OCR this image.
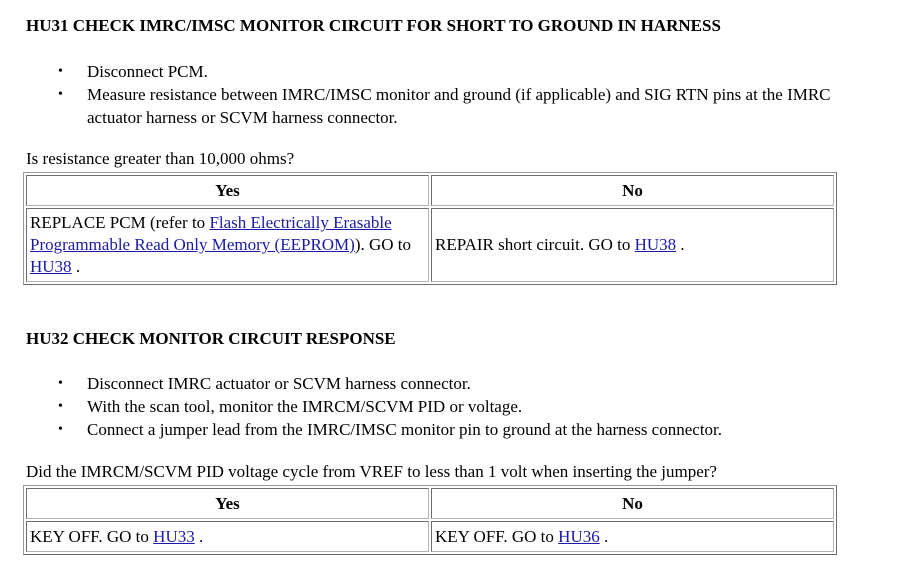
HU31 CHECK IMRC/IMSC MONITOR CIRCUIT FOR SHORT TO GROUND IN HARNESS
• Disconnect PCM.
• Measure resistance between IMRC/IMSC monitor and ground (if applicable) and SIG RTN pins at the IMRC actuator harness or SCVM harness connector.
Is resistance greater than 10,000 ohms?
Yes	No
REPLACE PCM (refer to Flash Electrically Erasable Programmable Read Only Memory (EEPROM)). GO to HU38 .	REPAIR short circuit. GO to HU38 .
HU32 CHECK MONITOR CIRCUIT RESPONSE
• Disconnect IMRC actuator or SCVM harness connector.
• With the scan tool, monitor the IMRCM/SCVM PID or voltage.
• Connect a jumper lead from the IMRC/IMSC monitor pin to ground at the harness connector.
Did the IMRCM/SCVM PID voltage cycle from VREF to less than 1 volt when inserting the jumper?
Yes	No
KEY OFF. GO to HU33 .	KEY OFF. GO to HU36 .
